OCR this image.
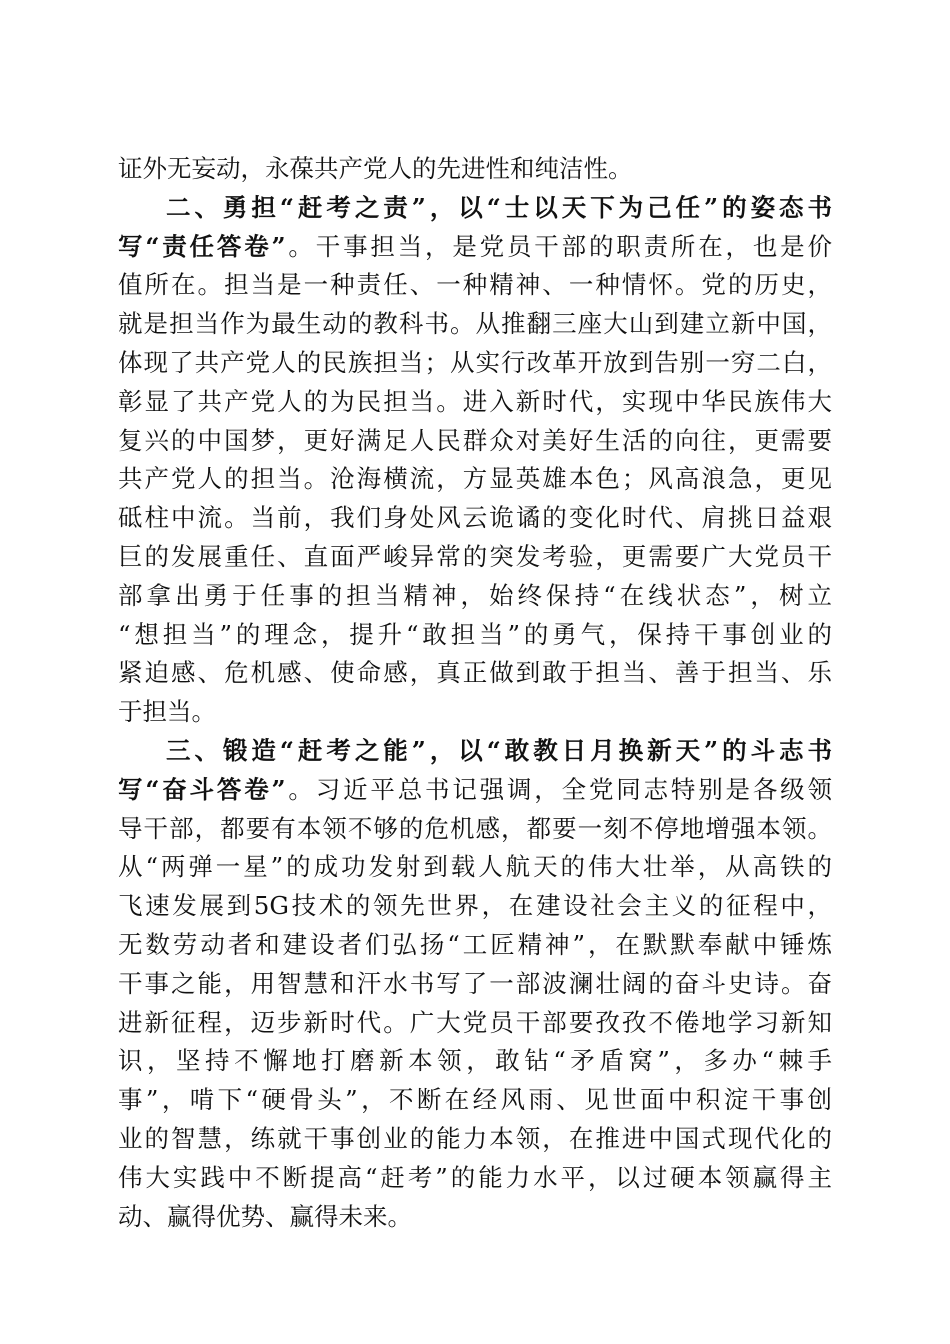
证外无妄动，永葆共产党人的先进性和纯洁性。
二、勇担“赶考之责”，以“士以天下为己任”的姿态书
写“责任答卷”。干事担当，是党员干部的职责所在，也是价
值所在。担当是一种责任、一种精神、一种情怀。党的历史，
就是担当作为最生动的教科书。从推翻三座大山到建立新中国，
体现了共产党人的民族担当；从实行改革开放到告别一穷二白，
彰显了共产党人的为民担当。进入新时代，实现中华民族伟大
复兴的中国梦，更好满足人民群众对美好生活的向往，更需要
共产党人的担当。沧海横流，方显英雄本色；风高浪急，更见
砥柱中流。当前，我们身处风云诡谲的变化时代、肩挑日益艰
巨的发展重任、直面严峻异常的突发考验，更需要广大党员干
部拿出勇于任事的担当精神，始终保持“在线状态”，树立
“想担当”的理念，提升“敢担当”的勇气，保持干事创业的
紧迫感、危机感、使命感，真正做到敢于担当、善于担当、乐
于担当。
三、锻造“赶考之能”，以“敢教日月换新天”的斗志书
写“奋斗答卷”。习近平总书记强调，全党同志特别是各级领
导干部，都要有本领不够的危机感，都要一刻不停地增强本领。
从“两弹一星”的成功发射到载人航天的伟大壮举，从高铁的
飞速发展到5G技术的领先世界，在建设社会主义的征程中，
无数劳动者和建设者们弘扬“工匠精神”，在默默奉献中锤炼
干事之能，用智慧和汗水书写了一部波澜壮阔的奋斗史诗。奋
进新征程，迈步新时代。广大党员干部要孜孜不倦地学习新知
识，坚持不懈地打磨新本领，敢钻“矛盾窝”，多办“棘手
事”，啃下“硬骨头”，不断在经风雨、见世面中积淀干事创
业的智慧，练就干事创业的能力本领，在推进中国式现代化的
伟大实践中不断提高“赶考”的能力水平，以过硬本领赢得主
动、赢得优势、赢得未来。
